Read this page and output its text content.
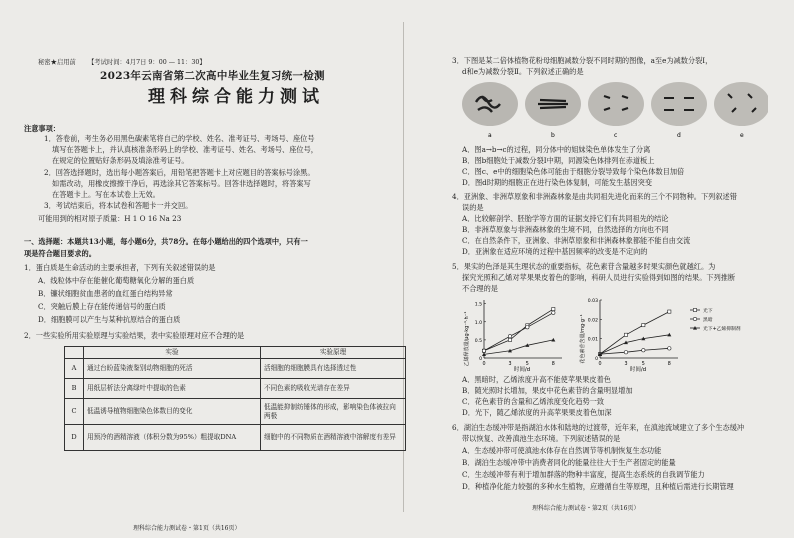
秘密★启用前 【考试时间：4月7日 9：00 — 11：30】
2023年云南省第二次高中毕业生复习统一检测
理科综合能力测试
注意事项：
1．答卷前，考生务必用黑色碳素笔将自己的学校、姓名、准考证号、考场号、座位号
填写在答题卡上，并认真核准条形码上的学校、准考证号、姓名、考场号、座位号，
在规定的位置贴好条形码及填涂准考证号。
2．回答选择题时，选出每小题答案后，用铅笔把答题卡上对应题目的答案标号涂黑。
如需改动，用橡皮擦擦干净后，再选涂其它答案标号。回答非选择题时，将答案写
在答题卡上。写在本试卷上无效。
3．考试结束后，将本试卷和答题卡一并交回。
可能用到的相对原子质量：H 1 O 16 Na 23
一、选择题：本题共13小题，每小题6分，共78分。在每小题给出的四个选项中，只有一
项是符合题目要求的。
1．蛋白质是生命活动的主要承担者，下列有关叙述错误的是
A．线粒体中存在能催化葡萄糖氧化分解的蛋白质
B．镰状细胞贫血患者的血红蛋白结构异常
C．突触后膜上存在能传递信号的蛋白质
D．细胞膜可以产生与某种抗原结合的蛋白质
2．一些实验所用实验原理与实验结果，表中实验原理对应不合理的是
	实验	实验原理
A	通过台盼蓝染液鉴别动物细胞的死活	活细胞的细胞膜具有选择透过性
B	用纸层析法分离绿叶中提取的色素	不同色素的吸收光谱存在差异
C	低温诱导植物细胞染色体数目的变化	低温能抑制纺锤体的形成，影响染色体被拉向两极
D	用预冷的酒精溶液（体积分数为95%）粗提取DNA	细胞中的不同物质在酒精溶液中溶解度有差异
理科综合能力测试卷・第1页（共16页）
3．下图是某二倍体植物花粉母细胞减数分裂不同时期的图像，a至e为减数分裂Ⅰ，
d和e为减数分裂Ⅱ。下列叙述正确的是
a	b	c	d	e
A．图a→b→c的过程，同分体中的姐妹染色单体发生了分离
B．图b细胞处于减数分裂Ⅰ中期，同源染色体排列在赤道板上
C．图c、e中的细胞染色体可能由于细胞分裂导致每个染色体数目加倍
D．图d时期的细胞正在进行染色体复制，可能发生基因突变
4．亚洲象、非洲草原象和非洲森林象是由共同祖先进化而来的三个不同物种。下列叙述错
误的是
A．比较解剖学、胚胎学等方面的证据支持它们有共同祖先的结论
B．非洲草原象与非洲森林象的生境不同，自然选择的方向也不同
C．在自然条件下，亚洲象、非洲草原象和非洲森林象都能不能自由交流
D．亚洲象在适应环境的过程中基因频率的改变是不定向的
5．果实的色泽是其生理状态的重要指标，花色素苷含量越多时果实颜色就越红。为
探究光照和乙烯对苹果果皮着色的影响，科研人员进行实验得到如图的结果。下列推断
不合理的是
乙烯释放量/μg·kg⁻¹·h⁻¹
时间/d
0
0.5
1.0
1.5
0	3	5	8
花色素苷含量/mg·g⁻¹
时间/d
0
0.01
0.02
0.03
0	3	5	8
光下
黑暗
光下+乙烯抑制剂
A．黑暗时，乙烯浓度升高不能使苹果果皮着色
B．随光照时长增加，果皮中花色素苷的含量明显增加
C．花色素苷的含量和乙烯浓度变化趋势一致
D．光下，随乙烯浓度的升高苹果果皮着色加深
6．湖泊生态缓冲带是指湖泊水体和陆地的过渡带，近年来，在滇池流域建立了多个生态缓冲
带以恢复、改善滇池生态环境。下列叙述错误的是
A．生态缓冲带可使滇池水体存在自然调节等机制恢复生态功能
B．湖泊生态缓冲带中消费者同化的能量往往大于生产者固定的能量
C．生态缓冲带有利于增加群落的物种丰富度，提高生态系统的自我调节能力
D．种植净化能力较强的多种水生植物，应遵循自生等原理，且种植后需进行长期管理
理科综合能力测试卷・第2页（共16页）
